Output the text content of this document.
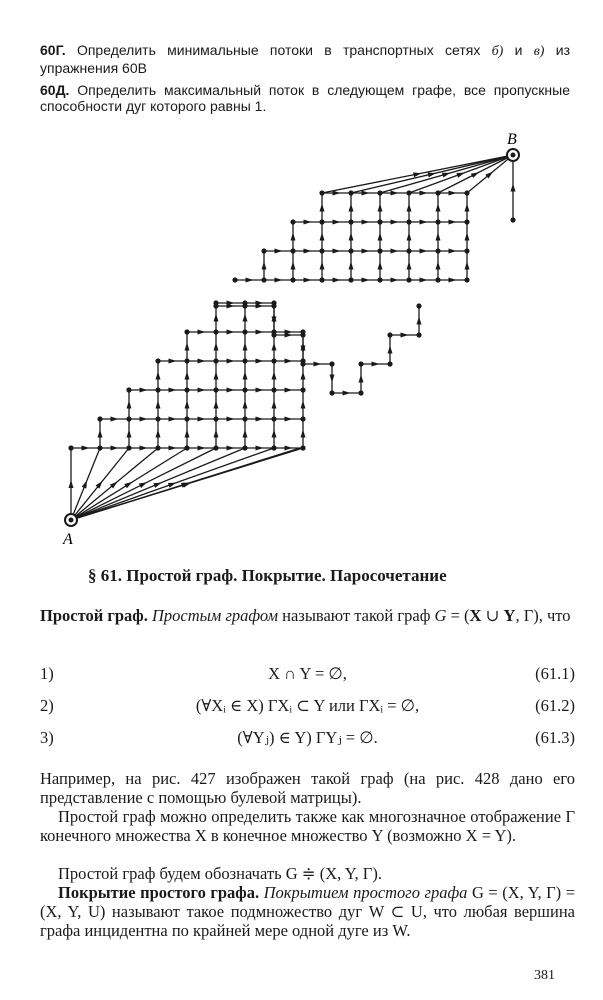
60Г. Определить минимальные потоки в транспортных сетях б) и в) из упражнения 60В
60Д. Определить максимальный поток в следующем графе, все пропускные способности дуг которого равны 1.
A
B
§ 61. Простой граф. Покрытие. Паросочетание
Простой граф. Простым графом называют такой граф G = (X ∪ Y, Γ), что
1)	X ∩ Y = ∅,	(61.1)
2)	(∀Xᵢ ∈ X) ΓXᵢ ⊂ Y или ΓXᵢ = ∅,	(61.2)
3)	(∀Yⱼ) ∈ Y) ΓYⱼ = ∅.	(61.3)
Например, на рис. 427 изображен такой граф (на рис. 428 дано его представление с помощью булевой матрицы).
Простой граф можно определить также как многозначное отображение Γ конечного множества X в конечное множество Y (возможно X = Y).
Простой граф будем обозначать G ≑ (X, Y, Γ).
Покрытие простого графа. Покрытием простого графа G = (X, Y, Γ) = (X, Y, U) называют такое подмножество дуг W ⊂ U, что любая вершина графа инцидентна по крайней мере одной дуге из W.
381
